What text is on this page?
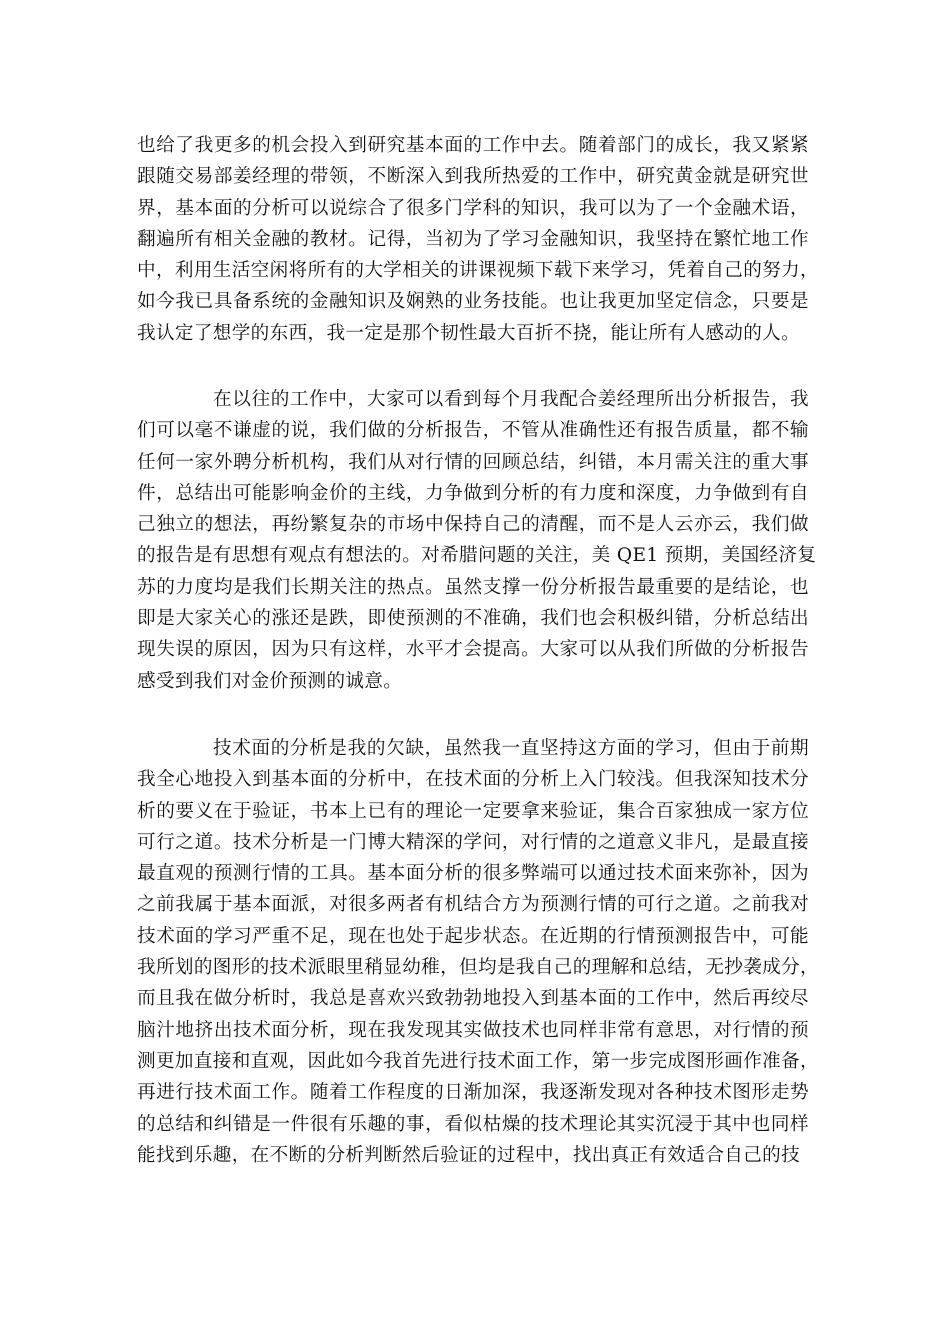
也给了我更多的机会投入到研究基本面的工作中去。随着部门的成长，我又紧紧
跟随交易部姜经理的带领，不断深入到我所热爱的工作中，研究黄金就是研究世
界，基本面的分析可以说综合了很多门学科的知识，我可以为了一个金融术语，
翻遍所有相关金融的教材。记得，当初为了学习金融知识，我坚持在繁忙地工作
中，利用生活空闲将所有的大学相关的讲课视频下载下来学习，凭着自己的努力，
如今我已具备系统的金融知识及娴熟的业务技能。也让我更加坚定信念，只要是
我认定了想学的东西，我一定是那个韧性最大百折不挠，能让所有人感动的人。

在以往的工作中，大家可以看到每个月我配合姜经理所出分析报告，我
们可以毫不谦虚的说，我们做的分析报告，不管从准确性还有报告质量，都不输
任何一家外聘分析机构，我们从对行情的回顾总结，纠错，本月需关注的重大事
件，总结出可能影响金价的主线，力争做到分析的有力度和深度，力争做到有自
己独立的想法，再纷繁复杂的市场中保持自己的清醒，而不是人云亦云，我们做
的报告是有思想有观点有想法的。对希腊问题的关注，美 QE1 预期，美国经济复
苏的力度均是我们长期关注的热点。虽然支撑一份分析报告最重要的是结论，也
即是大家关心的涨还是跌，即使预测的不准确，我们也会积极纠错，分析总结出
现失误的原因，因为只有这样，水平才会提高。大家可以从我们所做的分析报告
感受到我们对金价预测的诚意。

技术面的分析是我的欠缺，虽然我一直坚持这方面的学习，但由于前期
我全心地投入到基本面的分析中，在技术面的分析上入门较浅。但我深知技术分
析的要义在于验证，书本上已有的理论一定要拿来验证，集合百家独成一家方位
可行之道。技术分析是一门博大精深的学问，对行情的之道意义非凡，是最直接
最直观的预测行情的工具。基本面分析的很多弊端可以通过技术面来弥补，因为
之前我属于基本面派，对很多两者有机结合方为预测行情的可行之道。之前我对
技术面的学习严重不足，现在也处于起步状态。在近期的行情预测报告中，可能
我所划的图形的技术派眼里稍显幼稚，但均是我自己的理解和总结，无抄袭成分，
而且我在做分析时，我总是喜欢兴致勃勃地投入到基本面的工作中，然后再绞尽
脑汁地挤出技术面分析，现在我发现其实做技术也同样非常有意思，对行情的预
测更加直接和直观，因此如今我首先进行技术面工作，第一步完成图形画作准备，
再进行技术面工作。随着工作程度的日渐加深，我逐渐发现对各种技术图形走势
的总结和纠错是一件很有乐趣的事，看似枯燥的技术理论其实沉浸于其中也同样
能找到乐趣，在不断的分析判断然后验证的过程中，找出真正有效适合自己的技
